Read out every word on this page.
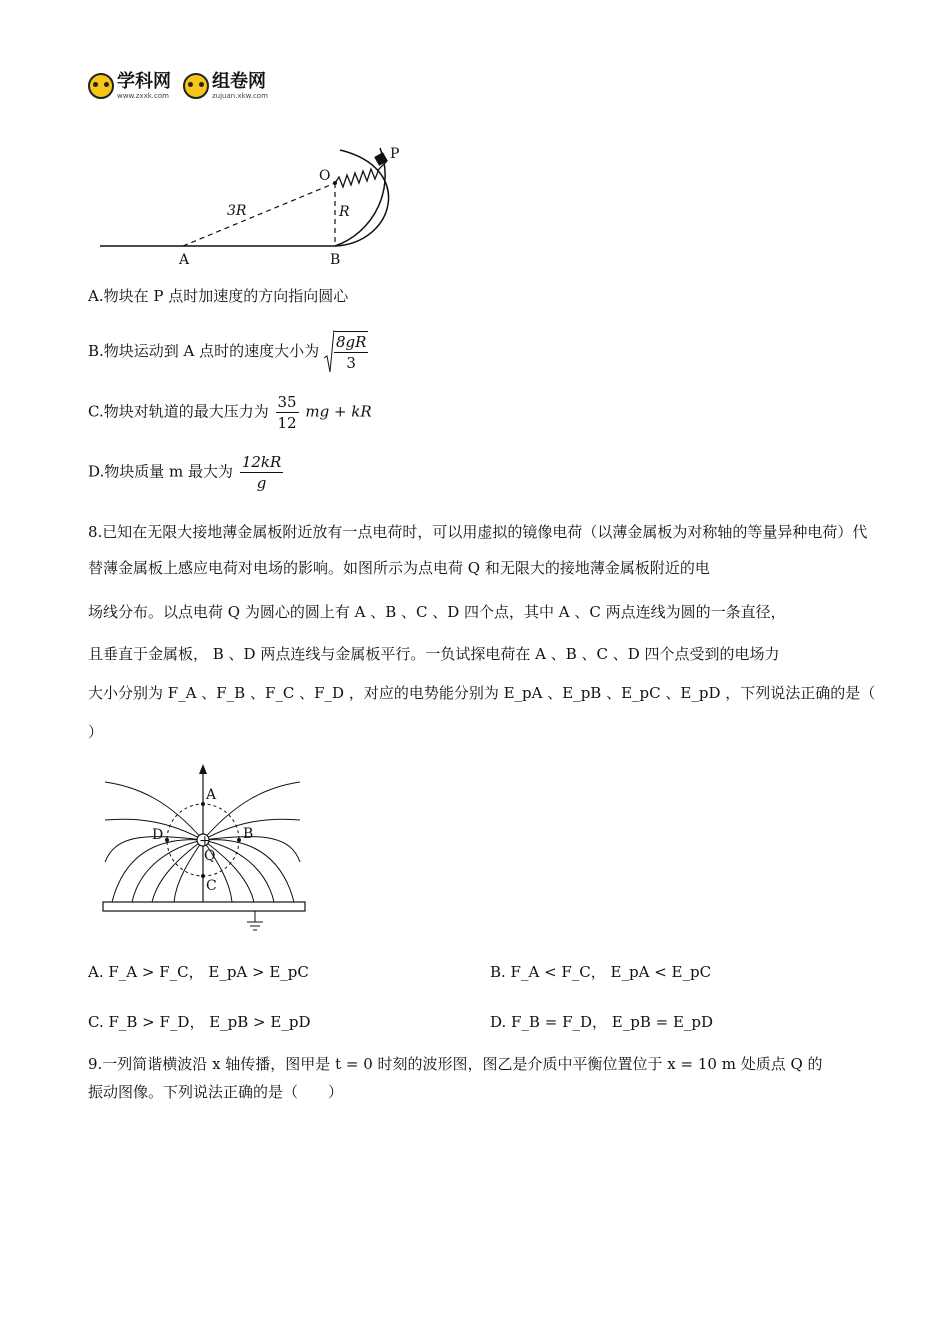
学科网
www.zxxk.com
组卷网
zujuan.xkw.com
P
O
3R	R
A	B
A.物块在 P 点时加速度的方向指向圆心
B.物块运动到 A 点时的速度大小为 $\frac{8gR}{3}$
C.物块对轨道的最大压力为 $\frac{35}{12}$ mg + kR
D.物块质量 m 最大为 $\frac{12kR}{g}$
8.已知在无限大接地薄金属板附近放有一点电荷时，可以用虚拟的镜像电荷（以薄金属板为对称轴的等量异种电荷）代替薄金属板上感应电荷对电场的影响。如图所示为点电荷 Q 和无限大的接地薄金属板附近的电
场线分布。以点电荷 Q 为圆心的圆上有 A 、B 、C 、D 四个点，其中 A 、C 两点连线为圆的一条直径，
且垂直于金属板， B 、D 两点连线与金属板平行。一负试探电荷在 A 、B 、C 、D 四个点受到的电场力
大小分别为 F_A 、F_B 、F_C 、F_D ，对应的电势能分别为 E_pA 、E_pB 、E_pC 、E_pD ，下列说法正确的是（
）
+
A
B
C
D
Q
A. F_A > F_C， E_pA > E_pC	B. F_A < F_C， E_pA < E_pC
C. F_B > F_D， E_pB > E_pD	D. F_B = F_D， E_pB = E_pD
9.一列简谐横波沿 x 轴传播，图甲是 t = 0 时刻的波形图，图乙是介质中平衡位置位于 x = 10 m 处质点 Q 的
振动图像。下列说法正确的是（　　）
